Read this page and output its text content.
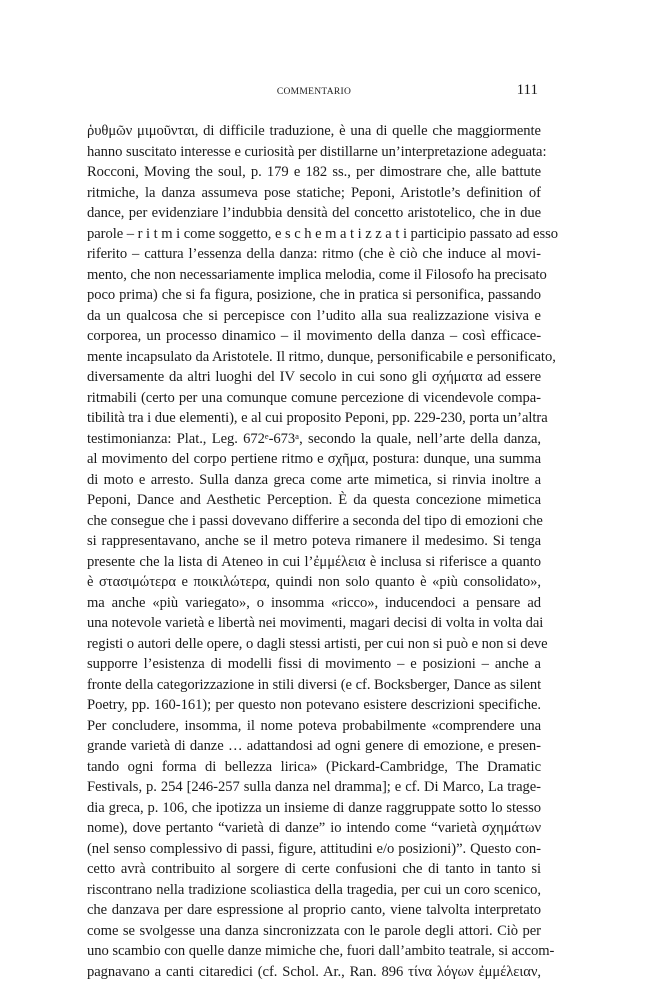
COMMENTARIO	111
ῥυθμῶν μιμοῦνται, di difficile traduzione, è una di quelle che maggiormente
hanno suscitato interesse e curiosità per distillarne un’interpretazione adeguata:
Rocconi, Moving the soul, p. 179 e 182 ss., per dimostrare che, alle battute
ritmiche, la danza assumeva pose statiche; Peponi, Aristotle’s definition of
dance, per evidenziare l’indubbia densità del concetto aristotelico, che in due
parole – r i t m i come soggetto, e s c h e m a t i z z a t i participio passato ad esso
riferito – cattura l’essenza della danza: ritmo (che è ciò che induce al movi-
mento, che non necessariamente implica melodia, come il Filosofo ha precisato
poco prima) che si fa figura, posizione, che in pratica si personifica, passando
da un qualcosa che si percepisce con l’udito alla sua realizzazione visiva e
corporea, un processo dinamico – il movimento della danza – così efficace-
mente incapsulato da Aristotele. Il ritmo, dunque, personificabile e personificato,
diversamente da altri luoghi del IV secolo in cui sono gli σχήματα ad essere
ritmabili (certo per una comunque comune percezione di vicendevole compa-
tibilità tra i due elementi), e al cui proposito Peponi, pp. 229-230, porta un’altra
testimonianza: Plat., Leg. 672ᵉ-673ᵃ, secondo la quale, nell’arte della danza,
al movimento del corpo pertiene ritmo e σχῆμα, postura: dunque, una summa
di moto e arresto. Sulla danza greca come arte mimetica, si rinvia inoltre a
Peponi, Dance and Aesthetic Perception. È da questa concezione mimetica
che consegue che i passi dovevano differire a seconda del tipo di emozioni che
si rappresentavano, anche se il metro poteva rimanere il medesimo. Si tenga
presente che la lista di Ateneo in cui l’ἐμμέλεια è inclusa si riferisce a quanto
è στασιμώτερα e ποικιλώτερα, quindi non solo quanto è «più consolidato»,
ma anche «più variegato», o insomma «ricco», inducendoci a pensare ad
una notevole varietà e libertà nei movimenti, magari decisi di volta in volta dai
registi o autori delle opere, o dagli stessi artisti, per cui non si può e non si deve
supporre l’esistenza di modelli fissi di movimento – e posizioni – anche a
fronte della categorizzazione in stili diversi (e cf. Bocksberger, Dance as silent
Poetry, pp. 160-161); per questo non potevano esistere descrizioni specifiche.
Per concludere, insomma, il nome poteva probabilmente «comprendere una
grande varietà di danze … adattandosi ad ogni genere di emozione, e presen-
tando ogni forma di bellezza lirica» (Pickard-Cambridge, The Dramatic
Festivals, p. 254 [246-257 sulla danza nel dramma]; e cf. Di Marco, La trage-
dia greca, p. 106, che ipotizza un insieme di danze raggruppate sotto lo stesso
nome), dove pertanto “varietà di danze” io intendo come “varietà σχημάτων
(nel senso complessivo di passi, figure, attitudini e/o posizioni)”. Questo con-
cetto avrà contribuito al sorgere di certe confusioni che di tanto in tanto si
riscontrano nella tradizione scoliastica della tragedia, per cui un coro scenico,
che danzava per dare espressione al proprio canto, viene talvolta interpretato
come se svolgesse una danza sincronizzata con le parole degli attori. Ciò per
uno scambio con quelle danze mimiche che, fuori dall’ambito teatrale, si accom-
pagnavano a canti citaredici (cf. Schol. Ar., Ran. 896 τίνα λόγων ἐμμέλειαν,
